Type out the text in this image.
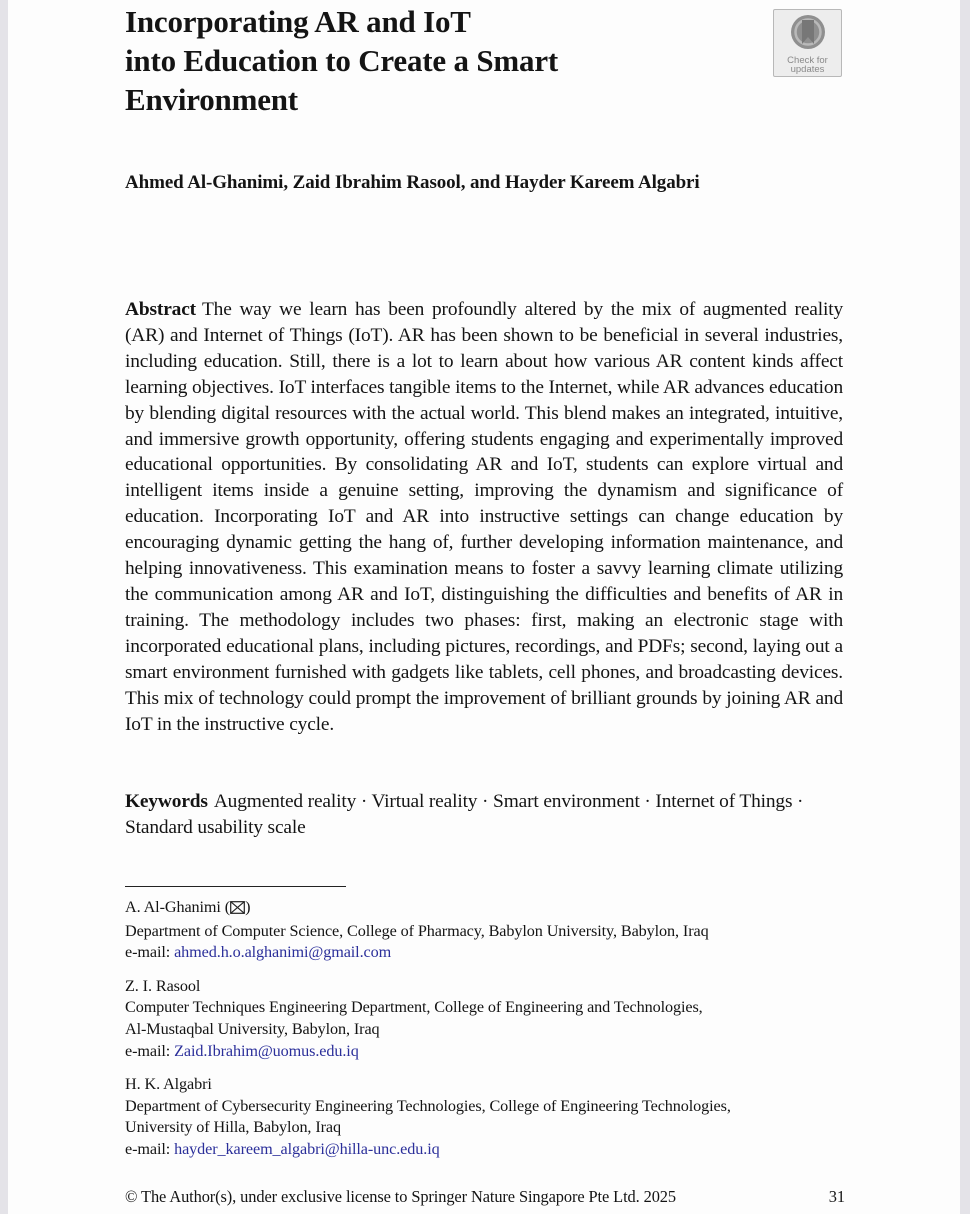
Incorporating AR and IoT
into Education to Create a Smart
Environment
Check for
updates

Ahmed Al-Ghanimi, Zaid Ibrahim Rasool, and Hayder Kareem Algabri

Abstract The way we learn has been profoundly altered by the mix of augmented reality (AR) and Internet of Things (IoT). AR has been shown to be beneficial in several industries, including education. Still, there is a lot to learn about how various AR content kinds affect learning objectives. IoT interfaces tangible items to the Internet, while AR advances education by blending digital resources with the actual world. This blend makes an integrated, intuitive, and immersive growth opportunity, offering students engaging and experimentally improved educational opportunities. By consolidating AR and IoT, students can explore virtual and intelligent items inside a genuine setting, improving the dynamism and significance of education. Incorporating IoT and AR into instructive settings can change education by encouraging dynamic getting the hang of, further developing information maintenance, and helping innovativeness. This examination means to foster a savvy learning climate utilizing the communication among AR and IoT, distinguishing the difficulties and benefits of AR in training. The methodology includes two phases: first, making an electronic stage with incorporated educational plans, including pictures, recordings, and PDFs; second, laying out a smart environment furnished with gadgets like tablets, cell phones, and broadcasting devices. This mix of technology could prompt the improvement of brilliant grounds by joining AR and IoT in the instructive cycle.

Keywords Augmented reality · Virtual reality · Smart environment · Internet of Things · Standard usability scale

A. Al-Ghanimi ( )
Department of Computer Science, College of Pharmacy, Babylon University, Babylon, Iraq
e-mail: ahmed.h.o.alghanimi@gmail.com
Z. I. Rasool
Computer Techniques Engineering Department, College of Engineering and Technologies,
Al-Mustaqbal University, Babylon, Iraq
e-mail: Zaid.Ibrahim@uomus.edu.iq
H. K. Algabri
Department of Cybersecurity Engineering Technologies, College of Engineering Technologies,
University of Hilla, Babylon, Iraq
e-mail: hayder_kareem_algabri@hilla-unc.edu.iq
© The Author(s), under exclusive license to Springer Nature Singapore Pte Ltd. 2025	31
